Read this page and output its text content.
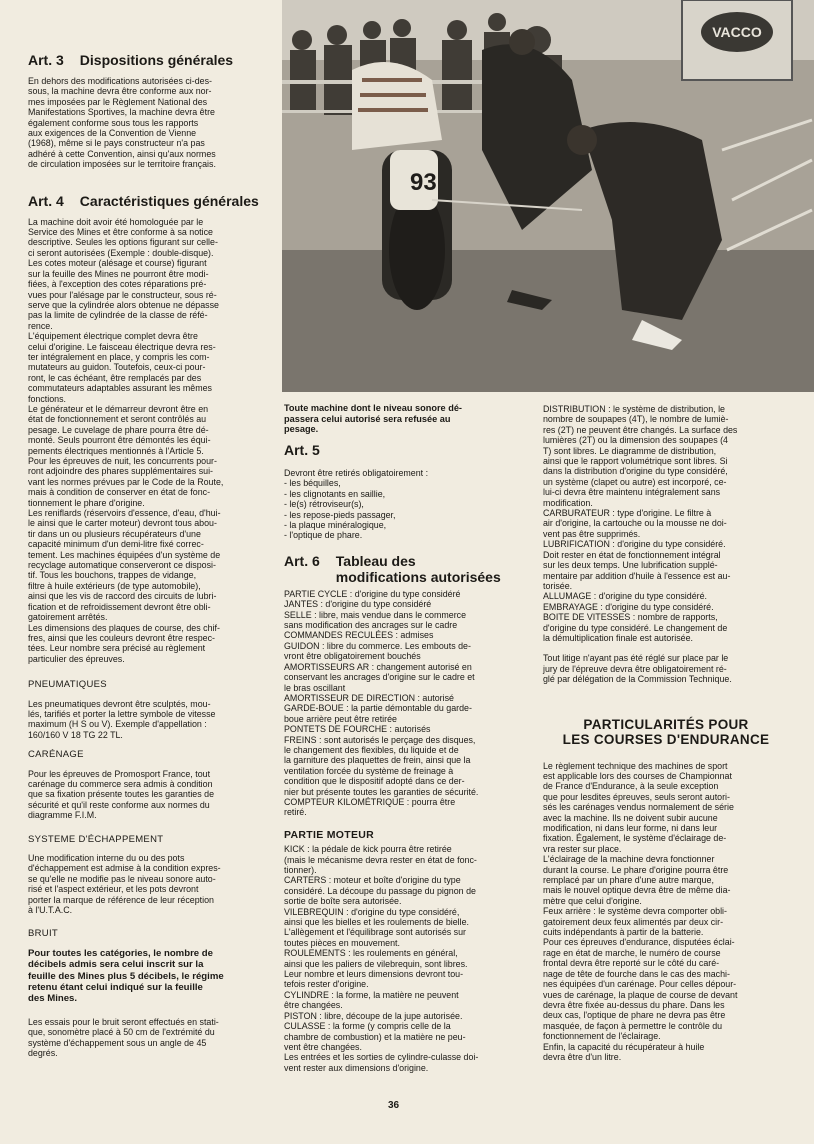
Art. 3 Dispositions générales
En dehors des modifications autorisées ci-des-
sous, la machine devra être conforme aux nor-
mes imposées par le Règlement National des
Manifestations Sportives, la machine devra être
également conforme sous tous les rapports
aux exigences de la Convention de Vienne
(1968), même si le pays constructeur n'a pas
adhéré à cette Convention, ainsi qu'aux normes
de circulation imposées sur le territoire français.
Art. 4 Caractéristiques générales
La machine doit avoir été homologuée par le
Service des Mines et être conforme à sa notice
descriptive. Seules les options figurant sur celle-
ci seront autorisées (Exemple : double-disque).
Les cotes moteur (alésage et course) figurant
sur la feuille des Mines ne pourront être modi-
fiées, à l'exception des cotes réparations pré-
vues pour l'alésage par le constructeur, sous ré-
serve que la cylindrée alors obtenue ne dépasse
pas la limite de cylindrée de la classe de réfé-
rence.
L'équipement électrique complet devra être
celui d'origine. Le faisceau électrique devra res-
ter intégralement en place, y compris les com-
mutateurs au guidon. Toutefois, ceux-ci pour-
ront, le cas échéant, être remplacés par des
commutateurs adaptables assurant les mêmes
fonctions.
Le générateur et le démarreur devront être en
état de fonctionnement et seront contrôlés au
pesage. Le cuvelage de phare pourra être dé-
monté. Seuls pourront être démontés les équi-
pements électriques mentionnés à l'Article 5.
Pour les épreuves de nuit, les concurrents pour-
ront adjoindre des phares supplémentaires sui-
vant les normes prévues par le Code de la Route,
mais à condition de conserver en état de fonc-
tionnement le phare d'origine.
Les reniflards (réservoirs d'essence, d'eau, d'hui-
le ainsi que le carter moteur) devront tous abou-
tir dans un ou plusieurs récupérateurs d'une
capacité minimum d'un demi-litre fixé correc-
tement. Les machines équipées d'un système de
recyclage automatique conserveront ce disposi-
tif. Tous les bouchons, trappes de vidange,
filtre à huile extérieurs (de type automobile),
ainsi que les vis de raccord des circuits de lubri-
fication et de refroidissement devront être obli-
gatoirement arrêtés.
Les dimensions des plaques de course, des chif-
fres, ainsi que les couleurs devront être respec-
tées. Leur nombre sera précisé au règlement
particulier des épreuves.
PNEUMATIQUES
Les pneumatiques devront être sculptés, mou-
lés, tarifiés et porter la lettre symbole de vitesse
maximum (H S ou V). Exemple d'appellation :
160/160 V 18 TG 22 TL.
CARÉNAGE
Pour les épreuves de Promosport France, tout
carénage du commerce sera admis à condition
que sa fixation présente toutes les garanties de
sécurité et qu'il reste conforme aux normes du
diagramme F.I.M.
SYSTEME D'ÉCHAPPEMENT
Une modification interne du ou des pots
d'échappement est admise à la condition expres-
se qu'elle ne modifie pas le niveau sonore auto-
risé et l'aspect extérieur, et les pots devront
porter la marque de référence de leur réception
à l'U.T.A.C.
BRUIT
Pour toutes les catégories, le nombre de
décibels admis sera celui inscrit sur la
feuille des Mines plus 5 décibels, le régime
retenu étant celui indiqué sur la feuille
des Mines.
Les essais pour le bruit seront effectués en stati-
que, sonomètre placé à 50 cm de l'extrémité du
système d'échappement sous un angle de 45
degrés.
VACCO
93
Toute machine dont le niveau sonore dé-
passera celui autorisé sera refusée au
pesage.
Art. 5
Devront être retirés obligatoirement :
- les béquilles,
- les clignotants en saillie,
- le(s) rétroviseur(s),
- les repose-pieds passager,
- la plaque minéralogique,
- l'optique de phare.
Art. 6 Tableau des
modifications autorisées
PARTIE CYCLE : d'origine du type considéré
JANTES : d'origine du type considéré
SELLE : libre, mais vendue dans le commerce
sans modification des ancrages sur le cadre
COMMANDES RECULÉES : admises
GUIDON : libre du commerce. Les embouts de-
vront être obligatoirement bouchés
AMORTISSEURS AR : changement autorisé en
conservant les ancrages d'origine sur le cadre et
le bras oscillant
AMORTISSEUR DE DIRECTION : autorisé
GARDE-BOUE : la partie démontable du garde-
boue arrière peut être retirée
PONTETS DE FOURCHE : autorisés
FREINS : sont autorisés le perçage des disques,
le changement des flexibles, du liquide et de
la garniture des plaquettes de frein, ainsi que la
ventilation forcée du système de freinage à
condition que le dispositif adopté dans ce der-
nier but présente toutes les garanties de sécurité.
COMPTEUR KILOMÉTRIQUE : pourra être
retiré.
PARTIE MOTEUR
KICK : la pédale de kick pourra être retirée
(mais le mécanisme devra rester en état de fonc-
tionner).
CARTERS : moteur et boîte d'origine du type
considéré. La découpe du passage du pignon de
sortie de boîte sera autorisée.
VILEBREQUIN : d'origine du type considéré,
ainsi que les bielles et les roulements de bielle.
L'allègement et l'équilibrage sont autorisés sur
toutes pièces en mouvement.
ROULEMENTS : les roulements en général,
ainsi que les paliers de vilebrequin, sont libres.
Leur nombre et leurs dimensions devront tou-
tefois rester d'origine.
CYLINDRE : la forme, la matière ne peuvent
être changées.
PISTON : libre, découpe de la jupe autorisée.
CULASSE : la forme (y compris celle de la
chambre de combustion) et la matière ne peu-
vent être changées.
Les entrées et les sorties de cylindre-culasse doi-
vent rester aux dimensions d'origine.
DISTRIBUTION : le système de distribution, le
nombre de soupapes (4T), le nombre de lumiè-
res (2T) ne peuvent être changés. La surface des
lumières (2T) ou la dimension des soupapes (4
T) sont libres. Le diagramme de distribution,
ainsi que le rapport volumétrique sont libres. Si
dans la distribution d'origine du type considéré,
un système (clapet ou autre) est incorporé, ce-
lui-ci devra être maintenu intégralement sans
modification.
CARBURATEUR : type d'origine. Le filtre à
air d'origine, la cartouche ou la mousse ne doi-
vent pas être supprimés.
LUBRIFICATION : d'origine du type considéré.
Doit rester en état de fonctionnement intégral
sur les deux temps. Une lubrification supplé-
mentaire par addition d'huile à l'essence est au-
torisée.
ALLUMAGE : d'origine du type considéré.
EMBRAYAGE : d'origine du type considéré.
BOITE DE VITESSES : nombre de rapports,
d'origine du type considéré. Le changement de
la démultiplication finale est autorisée.
Tout litige n'ayant pas été réglé sur place par le
jury de l'épreuve devra être obligatoirement ré-
glé par délégation de la Commission Technique.
PARTICULARITÉS POUR
LES COURSES D'ENDURANCE
Le règlement technique des machines de sport
est applicable lors des courses de Championnat
de France d'Endurance, à la seule exception
que pour lesdites épreuves, seuls seront autori-
sés les carénages vendus normalement de série
avec la machine. Ils ne doivent subir aucune
modification, ni dans leur forme, ni dans leur
fixation. Également, le système d'éclairage de-
vra rester sur place.
L'éclairage de la machine devra fonctionner
durant la course. Le phare d'origine pourra être
remplacé par un phare d'une autre marque,
mais le nouvel optique devra être de même dia-
mètre que celui d'origine.
Feux arrière : le système devra comporter obli-
gatoirement deux feux alimentés par deux cir-
cuits indépendants à partir de la batterie.
Pour ces épreuves d'endurance, disputées éclai-
rage en état de marche, le numéro de course
frontal devra être reporté sur le côté du caré-
nage de tête de fourche dans le cas des machi-
nes équipées d'un carénage. Pour celles dépour-
vues de carénage, la plaque de course de devant
devra être fixée au-dessus du phare. Dans les
deux cas, l'optique de phare ne devra pas être
masquée, de façon à permettre le contrôle du
fonctionnement de l'éclairage.
Enfin, la capacité du récupérateur à huile
devra être d'un litre.
36
